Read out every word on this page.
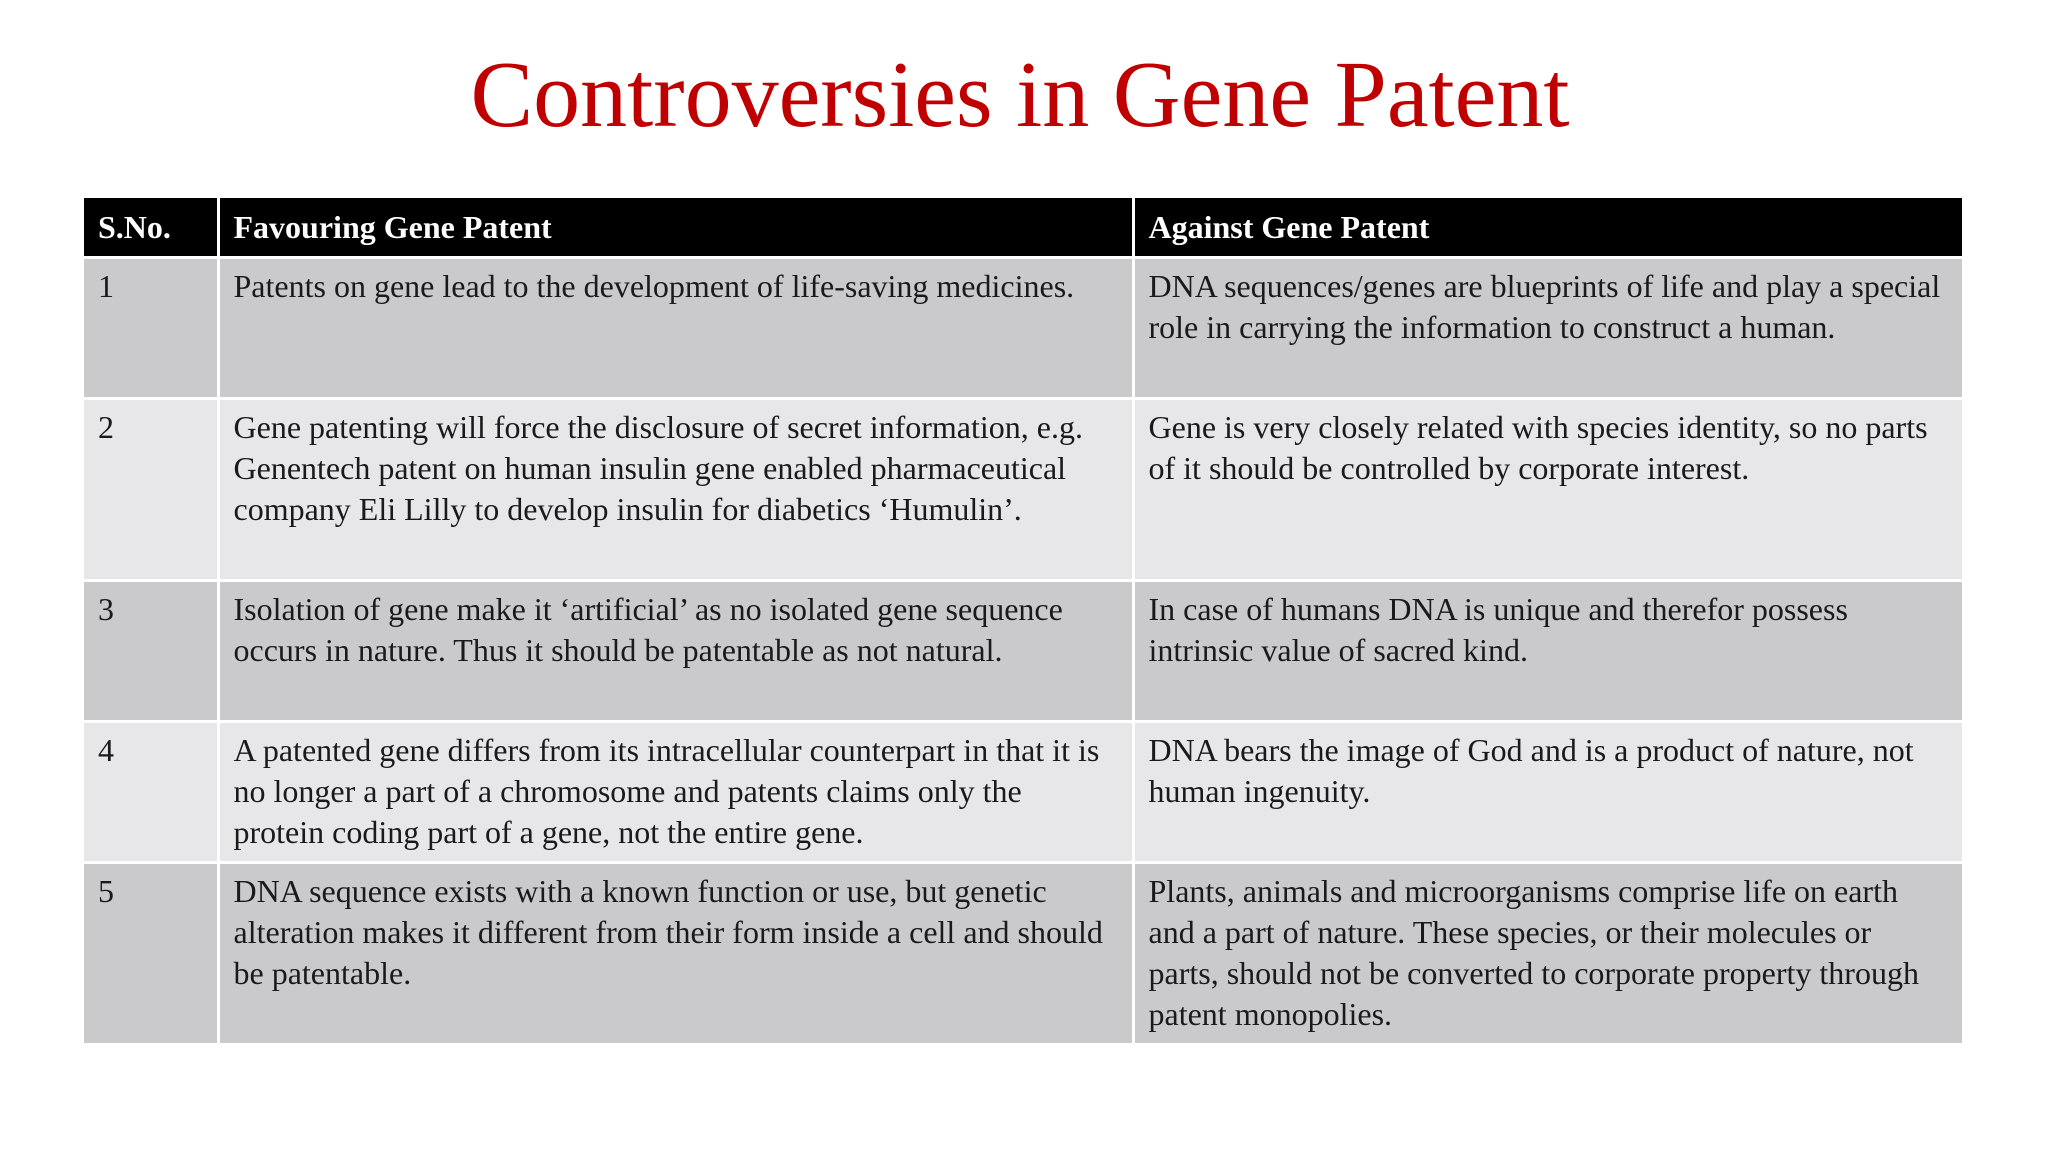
Controversies in Gene Patent
S.No.	Favouring Gene Patent	Against Gene Patent
1	Patents on gene lead to the development of life-saving medicines.	DNA sequences/genes are blueprints of life and play a special role in carrying the information to construct a human.
2	Gene patenting will force the disclosure of secret information, e.g. Genentech patent on human insulin gene enabled pharmaceutical company Eli Lilly to develop insulin for diabetics ‘Humulin’.	Gene is very closely related with species identity, so no parts of it should be controlled by corporate interest.
3	Isolation of gene make it ‘artificial’ as no isolated gene sequence occurs in nature. Thus it should be patentable as not natural.	In case of humans DNA is unique and therefor possess intrinsic value of sacred kind.
4	A patented gene differs from its intracellular counterpart in that it is no longer a part of a chromosome and patents claims only the protein coding part of a gene, not the entire gene.	DNA bears the image of God and is a product of nature, not human ingenuity.
5	DNA sequence exists with a known function or use, but genetic alteration makes it different from their form inside a cell and should be patentable.	Plants, animals and microorganisms comprise life on earth and a part of nature. These species, or their molecules or parts, should not be converted to corporate property through patent monopolies.
